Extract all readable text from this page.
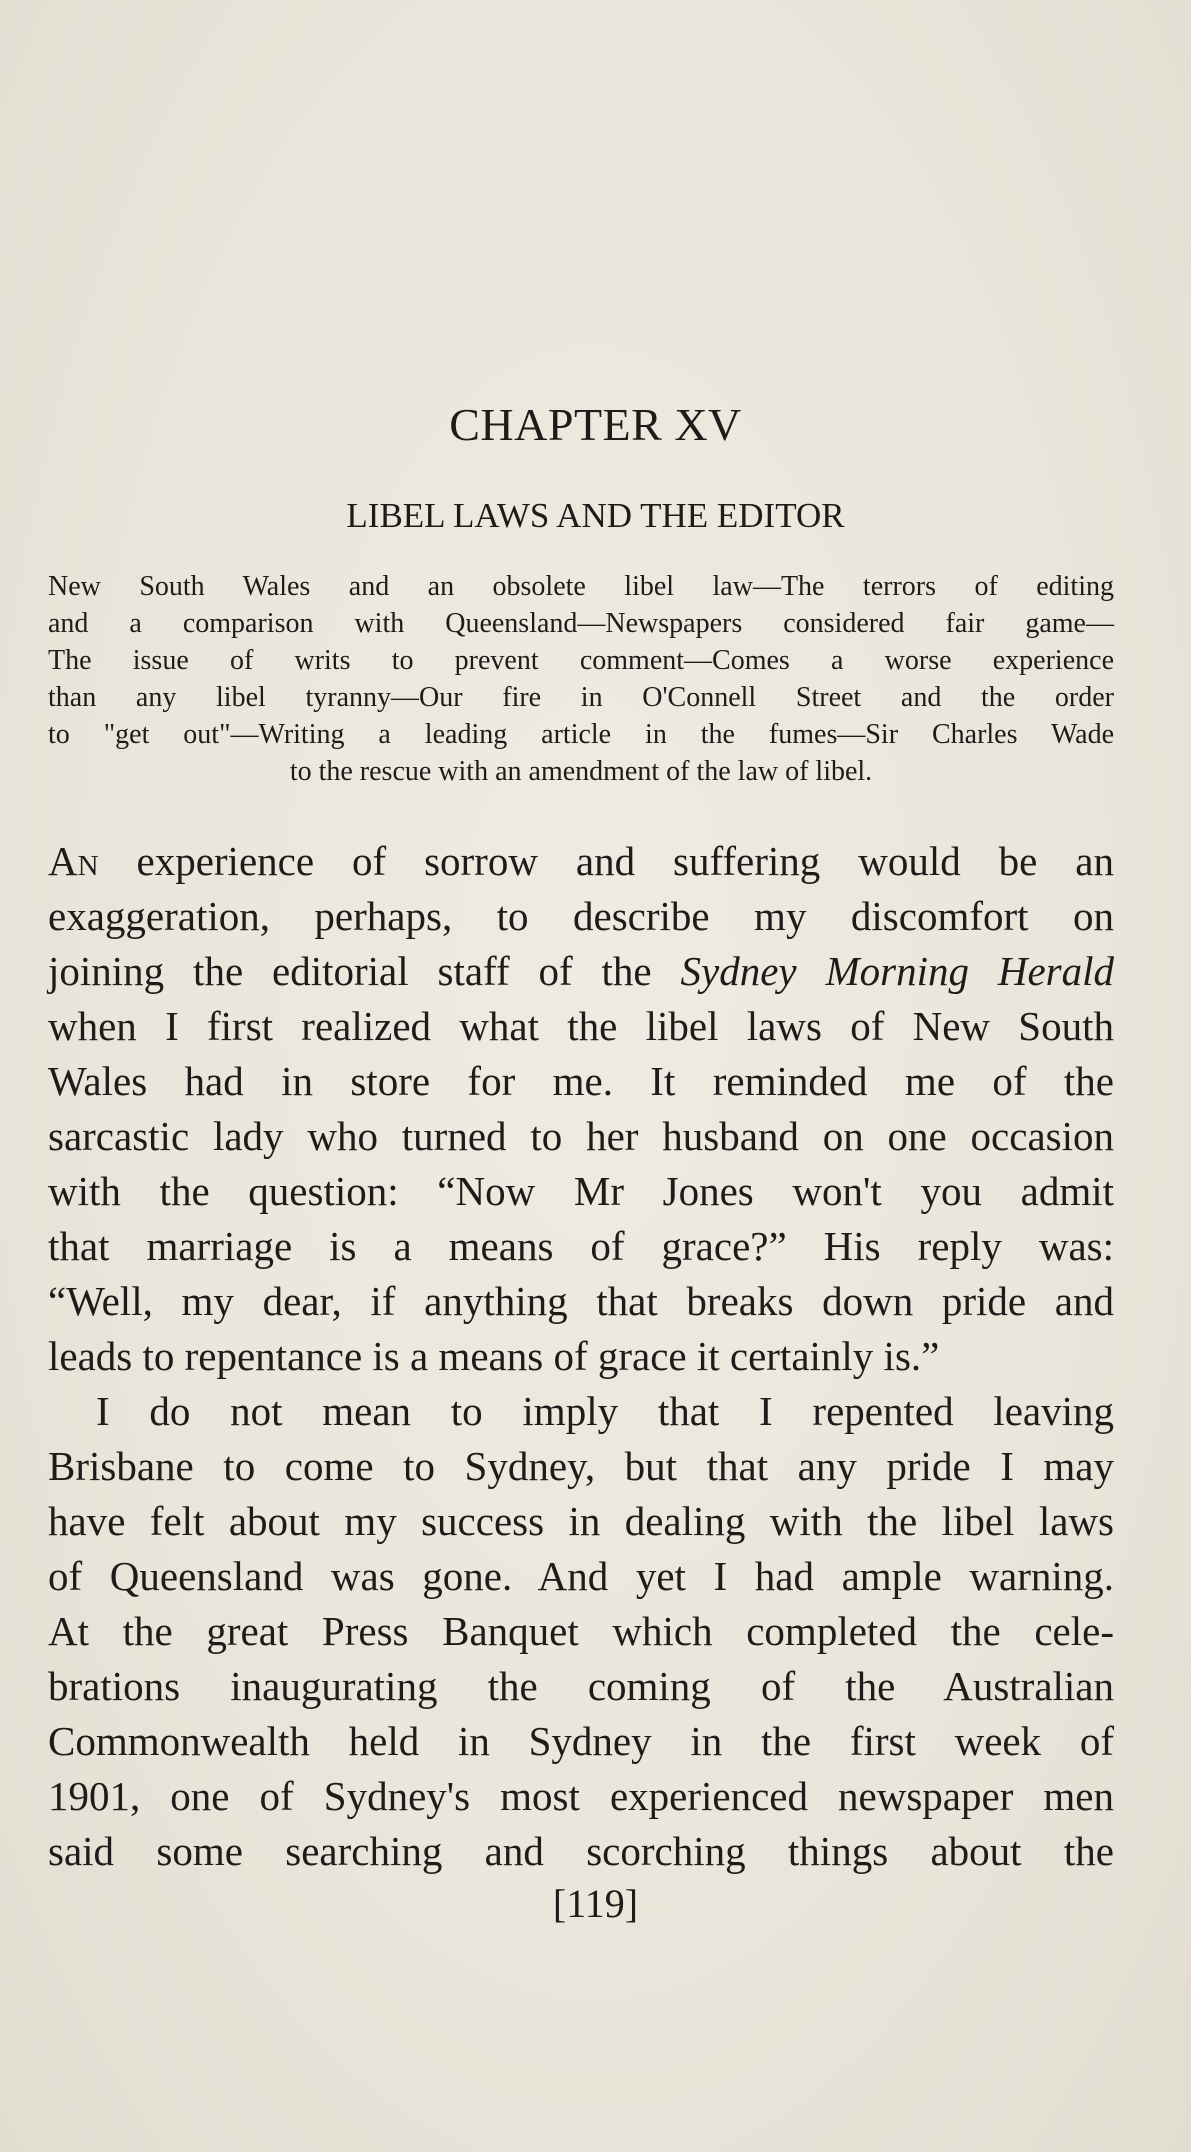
CHAPTER XV
LIBEL LAWS AND THE EDITOR
New South Wales and an obsolete libel law—The terrors of editing
and a comparison with Queensland—Newspapers considered fair game—
The issue of writs to prevent comment—Comes a worse experience
than any libel tyranny—Our fire in O'Connell Street and the order
to "get out"—Writing a leading article in the fumes—Sir Charles Wade
to the rescue with an amendment of the law of libel.
An experience of sorrow and suffering would be an
exaggeration, perhaps, to describe my discomfort on
joining the editorial staff of the Sydney Morning Herald
when I first realized what the libel laws of New South
Wales had in store for me. It reminded me of the
sarcastic lady who turned to her husband on one occasion
with the question: “Now Mr Jones won't you admit
that marriage is a means of grace?” His reply was:
“Well, my dear, if anything that breaks down pride and
leads to repentance is a means of grace it certainly is.”
I do not mean to imply that I repented leaving
Brisbane to come to Sydney, but that any pride I may
have felt about my success in dealing with the libel laws
of Queensland was gone. And yet I had ample warning.
At the great Press Banquet which completed the cele-
brations inaugurating the coming of the Australian
Commonwealth held in Sydney in the first week of
1901, one of Sydney's most experienced newspaper men
said some searching and scorching things about the
[119]
